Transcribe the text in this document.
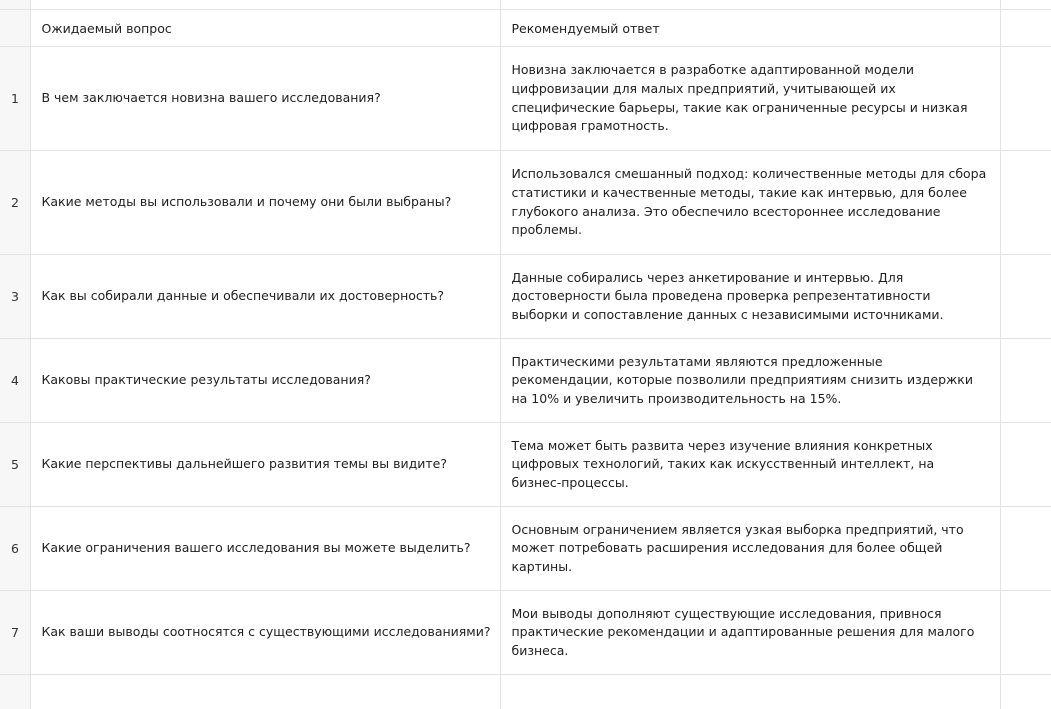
	Ожидаемый вопрос	Рекомендуемый ответ	

1	В чем заключается новизна вашего исследования?	Новизна заключается в разработке адаптированной модели цифровизации для малых предприятий, учитывающей их специфические барьеры, такие как ограниченные ресурсы и низкая цифровая грамотность.	

2	Какие методы вы использовали и почему они были выбраны?	Использовался смешанный подход: количественные методы для сбора статистики и качественные методы, такие как интервью, для более глубокого анализа. Это обеспечило всестороннее исследование проблемы.	

3	Как вы собирали данные и обеспечивали их достоверность?	Данные собирались через анкетирование и интервью. Для достоверности была проведена проверка репрезентативности выборки и сопоставление данных с независимыми источниками.	

4	Каковы практические результаты исследования?	Практическими результатами являются предложенные рекомендации, которые позволили предприятиям снизить издержки на 10% и увеличить производительность на 15%.	

5	Какие перспективы дальнейшего развития темы вы видите?	Тема может быть развита через изучение влияния конкретных цифровых технологий, таких как искусственный интеллект, на бизнес-процессы.	

6	Какие ограничения вашего исследования вы можете выделить?	Основным ограничением является узкая выборка предприятий, что может потребовать расширения исследования для более общей картины.	

7	Как ваши выводы соотносятся с существующими исследованиями?	Мои выводы дополняют существующие исследования, привнося практические рекомендации и адаптированные решения для малого бизнеса.	
